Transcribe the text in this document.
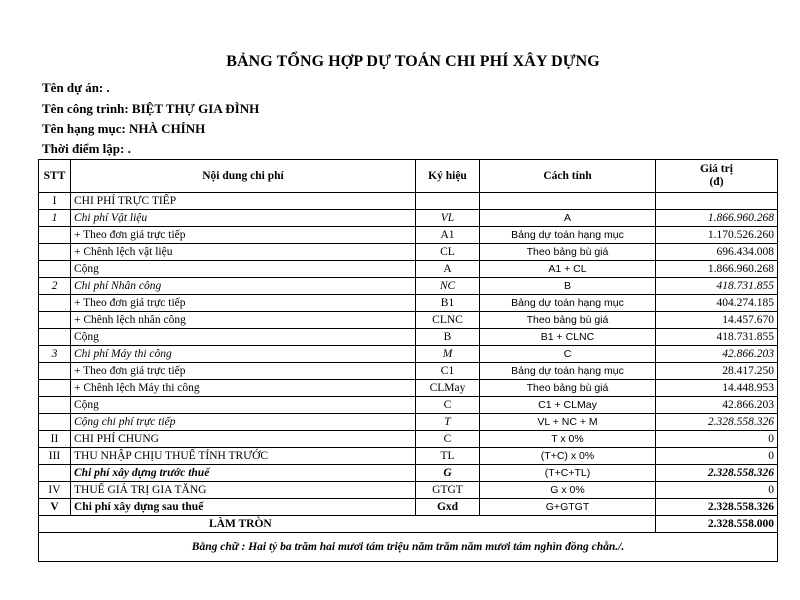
BẢNG TỔNG HỢP DỰ TOÁN CHI PHÍ XÂY DỰNG
Tên dự án: .
Tên công trình: BIỆT THỰ GIA ĐÌNH
Tên hạng mục: NHÀ CHÍNH
Thời điểm lập: .
STT	Nội dung chi phí	Ký hiệu	Cách tính	Giá trị
(đ)
I	CHI PHÍ TRỰC TIẾP			
1	Chi phí Vật liệu	VL	A	1.866.960.268
	+ Theo đơn giá trực tiếp	A1	Bảng dự toán hạng mục	1.170.526.260
	+ Chênh lệch vật liệu	CL	Theo bảng bù giá	696.434.008
	Cộng	A	A1 + CL	1.866.960.268
2	Chi phí Nhân công	NC	B	418.731.855
	+ Theo đơn giá trực tiếp	B1	Bảng dự toán hạng mục	404.274.185
	+ Chênh lệch nhân công	CLNC	Theo bảng bù giá	14.457.670
	Cộng	B	B1 + CLNC	418.731.855
3	Chi phí Máy thi công	M	C	42.866.203
	+ Theo đơn giá trực tiếp	C1	Bảng dự toán hạng mục	28.417.250
	+ Chênh lệch Máy thi công	CLMay	Theo bảng bù giá	14.448.953
	Cộng	C	C1 + CLMay	42.866.203
	Cộng chi phí trực tiếp	T	VL + NC + M	2.328.558.326
II	CHI PHÍ CHUNG	C	T x 0%	0
III	THU NHẬP CHỊU THUẾ TÍNH TRƯỚC	TL	(T+C) x 0%	0
	Chi phí xây dựng trước thuế	G	(T+C+TL)	2.328.558.326
IV	THUẾ GIÁ TRỊ GIA TĂNG	GTGT	G x 0%	0
V	Chi phí xây dựng sau thuế	Gxd	G+GTGT	2.328.558.326
LÀM TRÒN				2.328.558.000
Bằng chữ : Hai tỷ ba trăm hai mươi tám triệu năm trăm năm mươi tám nghìn đồng chẵn./.				
